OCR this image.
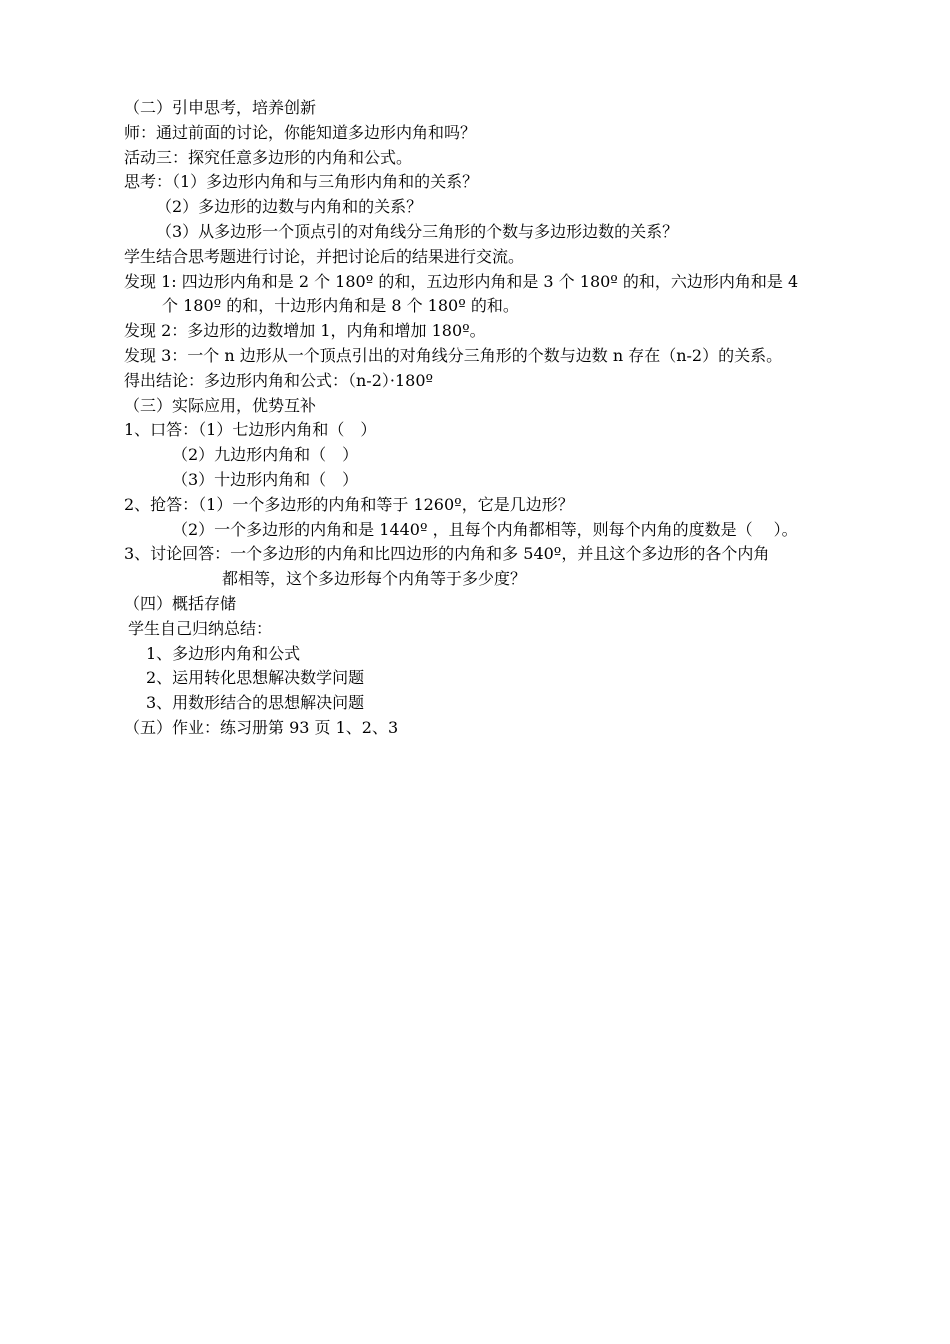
（二）引申思考，培养创新
师：通过前面的讨论，你能知道多边形内角和吗？
活动三：探究任意多边形的内角和公式。
思考：（1）多边形内角和与三角形内角和的关系？
（2）多边形的边数与内角和的关系？
（3）从多边形一个顶点引的对角线分三角形的个数与多边形边数的关系？
学生结合思考题进行讨论，并把讨论后的结果进行交流。
发现 1: 四边形内角和是 2 个 180º 的和，五边形内角和是 3 个 180º 的和，六边形内角和是 4
个 180º 的和，十边形内角和是 8 个 180º 的和。
发现 2：多边形的边数增加 1，内角和增加 180º。
发现 3：一个 n 边形从一个顶点引出的对角线分三角形的个数与边数 n 存在（n-2）的关系。
得出结论：多边形内角和公式：（n-2）·180º
（三）实际应用，优势互补
1、口答：（1）七边形内角和（　）
（2）九边形内角和（　）
（3）十边形内角和（　）
2、抢答：（1）一个多边形的内角和等于 1260º，它是几边形？
（2）一个多边形的内角和是 1440º ，且每个内角都相等，则每个内角的度数是（　 ）。
3、讨论回答：一个多边形的内角和比四边形的内角和多 540º，并且这个多边形的各个内角
都相等，这个多边形每个内角等于多少度？
（四）概括存储
学生自己归纳总结：
1、多边形内角和公式
2、运用转化思想解决数学问题
3、用数形结合的思想解决问题
（五）作业：练习册第 93 页 1、2、3
